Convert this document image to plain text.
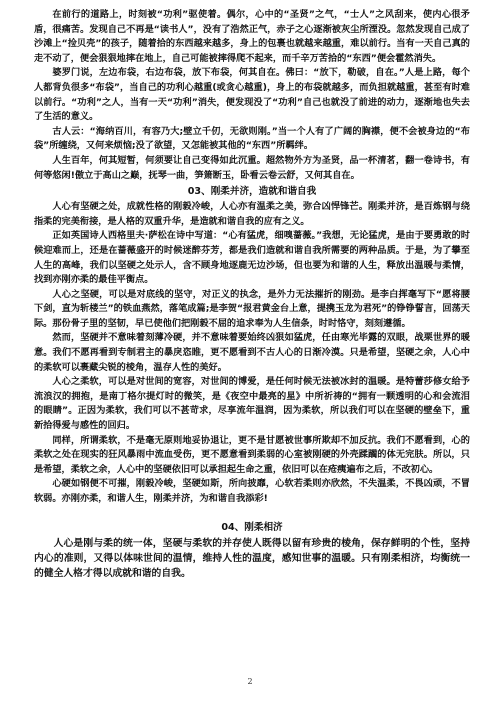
在前行的道路上，时刻被“功利”驱使着。偶尔，心中的“圣贤”之气，“士人”之风刮来，使内心很矛盾，很痛苦。发现自己不再是“读书人”，没有了浩然正气，赤子之心逐渐被灰尘所湮没。忽然发现自己成了沙滩上“捡贝壳”的孩子，随着拾的东西越来越多，身上的包裹也就越来越重，难以前行。当有一天自己真的走不动了，便会狠狠地摔在地上，自己可能被摔得爬不起来，而千辛万苦拾的“东西”便会霍然消失。

婆罗门说，左边布袋，右边布袋，放下布袋，何其自在。佛曰：“放下，勒破，自在。”人是上路，每个人都背负很多“布袋”，当自己的功利心越重(或贪心越重)，身上的布袋就越多，而负担就越重，甚至有时难以前行。“功利”之人，当有一天“功利”消失，便发现没了“功利”自己也就没了前进的动力，逐渐地也失去了生活的意义。

古人云：“海纳百川，有容乃大;壁立千仞，无欲则刚。”当一个人有了广阔的胸襟，便不会被身边的“布袋”所缠绕，又何来烦恼;没了欲望，又怎能被其他的“东西”所羁绊。

人生百年，何其短暂，何须要让自己变得如此沉重。超然物外方为圣贤，品一杯清茗，翻一卷诗书，有何等悠闲!傲立于高山之巅，抚琴一曲，笋箫断玉，卧看云卷云舒，又何其自在。

03、刚柔并济，造就和谐自我

人心有坚硬之处，成就性格的刚毅冷峻，人心亦有温柔之美，弥合凶悍锋芒。刚柔并济，是百炼钢与绕指柔的完美衔接，是人格的双重升华，是造就和谐自我的应有之义。

正如英国诗人西格里夫·萨松在诗中写道：“心有猛虎，细嗅蔷薇。”我想，无论猛虎，是由于要勇敢的时候迎难而上，还是在蔷薇盛开的时候迷醉芬芳，都是我们造就和谐自我所需要的两种品质。于是，为了攀至人生的高峰，我们以坚硬之处示人，含不顾身地逐鹿无边沙场，但也要为和谐的人生，释放出温暖与柔情，找到亦刚亦柔的最佳平衡点。

人心之坚硬，可以是对底线的坚守，对正义的执念，是外力无法摧折的刚劲。是李白挥毫写下“愿将腰下剑，直为斩楼兰”的铁血燕然，落笔成篇;是李贺“报君黄金台上意，提携玉龙为君死”的铮铮誓言，回荡天际。那份骨子里的坚韧，早已使他们把刚毅不屈的追求奉为人生信条，时时恪守，刻刻遵循。

然而，坚硬并不意味着刻薄冷硬，并不意味着要始终凶狠如猛虎，任由寒光毕露的双眼，战栗世界的暖意。我们不愿再看到专制君主的暴戾恣睢，更不愿看到不古人心的日渐冷漠。只是希望，坚硬之余，人心中的柔软可以裹藏尖锐的棱角，温存人性的美好。

人心之柔软，可以是对世间的宽容，对世间的博爱，是任何时候无法被冰封的温暖。是特蕾莎修女给予流浪汉的拥抱，是南丁格尔提灯时的微笑，是《夜空中最亮的星》中所祈祷的“拥有一颗透明的心和会流泪的眼睛”。正因为柔软，我们可以不甚苛求，尽享流年温润，因为柔软，所以我们可以在坚硬的壁垒下，重新拾得爱与感性的回归。

同样，所谓柔软，不是毫无原则地妥协退让，更不是甘愿被世事所欺却不加反抗。我们不愿看到，心的柔软之处在现实的狂风暴雨中流血受伤，更不愿意看到柔弱的心室被刚硬的外壳蹂躏的体无完肤。所以，只是希望，柔软之余，人心中的坚硬依旧可以承担起生命之重，依旧可以在疮痍遍布之后，不改初心。

心硬如钢便不可摧，刚毅冷峻，坚硬如斯，所向披靡，心软若柔则亦欣然，不失温柔，不畏凶顽，不冒软弱。亦刚亦柔，和谐人生，刚柔并济，为和谐自我添彩!

04、刚柔相济

人心是刚与柔的统一体，坚硬与柔软的并存使人既得以留有珍贵的棱角，保存鲜明的个性，坚持内心的准则，又得以体味世间的温情，维持人性的温度，感知世事的温暖。只有刚柔相济，均衡统一的健全人格才得以成就和谐的自我。

2
